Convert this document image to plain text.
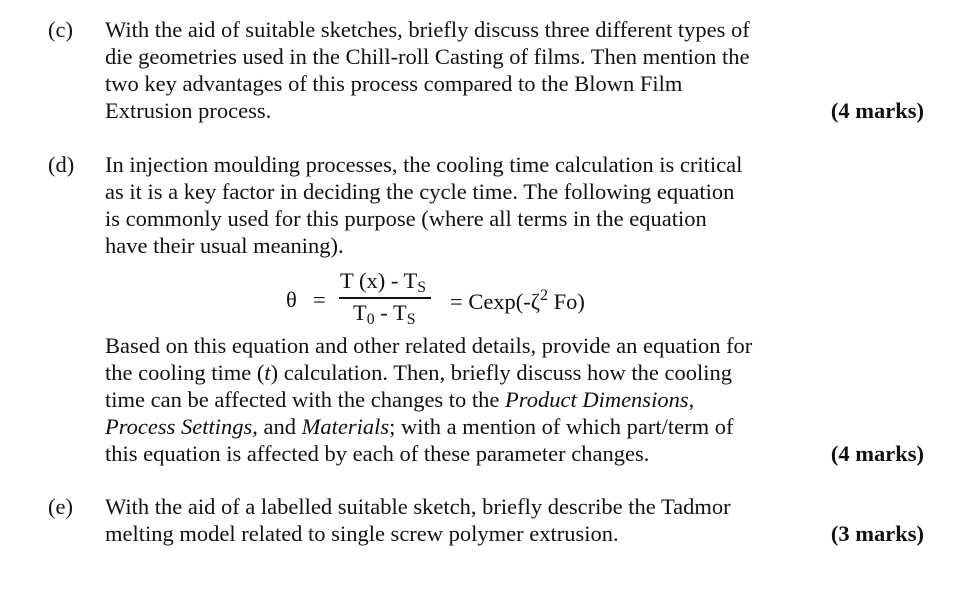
(c) With the aid of suitable sketches, briefly discuss three different types of
die geometries used in the Chill-roll Casting of films. Then mention the
two key advantages of this process compared to the Blown Film
Extrusion process.	(4 marks)
(d) In injection moulding processes, the cooling time calculation is critical
as it is a key factor in deciding the cycle time. The following equation
is commonly used for this purpose (where all terms in the equation
have their usual meaning).
θ =
T $(x) - T_S$
$T_0 - T_S$
= $Cexp(-\zeta^2$ Fo)
Based on this equation and other related details, provide an equation for
the cooling time (t) calculation. Then, briefly discuss how the cooling
time can be affected with the changes to the Product Dimensions,
Process Settings, and Materials; with a mention of which part/term of
this equation is affected by each of these parameter changes.	(4 marks)
(e) With the aid of a labelled suitable sketch, briefly describe the Tadmor
melting model related to single screw polymer extrusion.	(3 marks)
